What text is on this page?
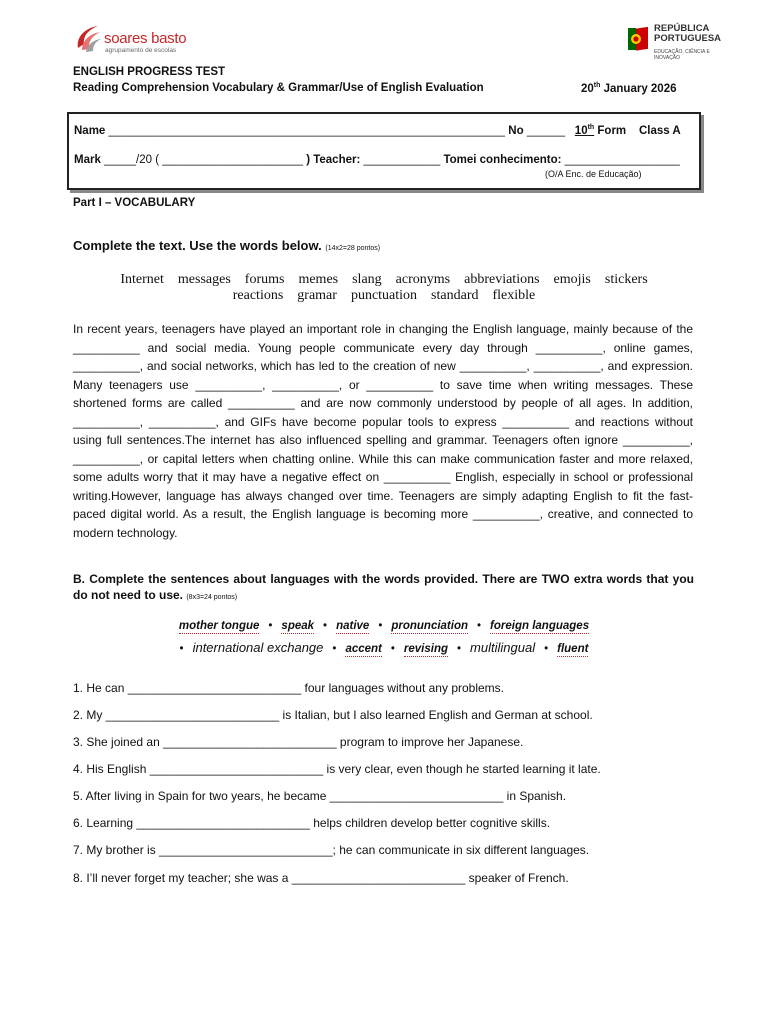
soares basto
agrupamento de escolas
REPÚBLICA
PORTUGUESA
EDUCAÇÃO, CIÊNCIA E INOVAÇÃO
ENGLISH PROGRESS TEST
Reading Comprehension Vocabulary & Grammar/Use of English Evaluation	20th January 2026
Name ______________________________________________________________ No ______ 10th Form Class A
Mark _____/20 ( ______________________ ) Teacher: ____________ Tomei conhecimento: __________________
(O/A Enc. de Educação)
Part I – VOCABULARY
Complete the text. Use the words below. (14x2=28 pontos)
Internet messages forums memes slang acronyms abbreviations emojis stickers
reactions gramar punctuation standard flexible
In recent years, teenagers have played an important role in changing the English language, mainly because of the __________ and social media. Young people communicate every day through __________, online games, __________, and social networks, which has led to the creation of new __________, __________, and expression. Many teenagers use __________, __________, or __________ to save time when writing messages. These shortened forms are called __________ and are now commonly understood by people of all ages. In addition, __________, __________, and GIFs have become popular tools to express __________ and reactions without using full sentences.The internet has also influenced spelling and grammar. Teenagers often ignore __________, __________, or capital letters when chatting online. While this can make communication faster and more relaxed, some adults worry that it may have a negative effect on __________ English, especially in school or professional writing.However, language has always changed over time. Teenagers are simply adapting English to fit the fast-paced digital world. As a result, the English language is becoming more __________, creative, and connected to modern technology.
B. Complete the sentences about languages with the words provided. There are TWO extra words that you do not need to use. (8x3=24 pontos)
mother tongue • speak • native • pronunciation • foreign languages
• international exchange • accent • revising • multilingual • fluent
1. He can __________________________ four languages without any problems.
2. My __________________________ is Italian, but I also learned English and German at school.
3. She joined an __________________________ program to improve her Japanese.
4. His English __________________________ is very clear, even though he started learning it late.
5. After living in Spain for two years, he became __________________________ in Spanish.
6. Learning __________________________ helps children develop better cognitive skills.
7. My brother is __________________________; he can communicate in six different languages.
8. I’ll never forget my teacher; she was a __________________________ speaker of French.
